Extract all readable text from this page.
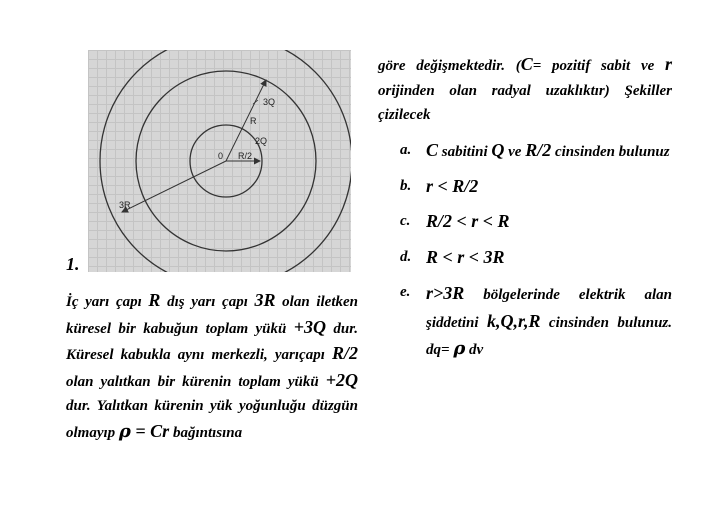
3Q
R
2Q
0 R/2
3R
1.
İç yarı çapı R dış yarı çapı 3R olan iletken küresel bir kabuğun toplam yükü +3Q dur. Küresel kabukla aynı merkezli, yarıçapı R/2 olan yalıtkan bir kürenin toplam yükü +2Q dur. Yalıtkan kürenin yük yoğunluğu düzgün olmayıp ρ = Cr bağıntısına
göre değişmektedir. (C= pozitif sabit ve r orijinden olan radyal uzaklıktır) Şekiller çizilecek
a. C sabitini Q ve R/2 cinsinden bulunuz
b. r < R/2
c. R/2 < r < R
d. R < r < 3R
e. r>3R bölgelerinde elektrik alan şiddetini k,Q,r,R cinsinden bulunuz. dq= ρ dv
